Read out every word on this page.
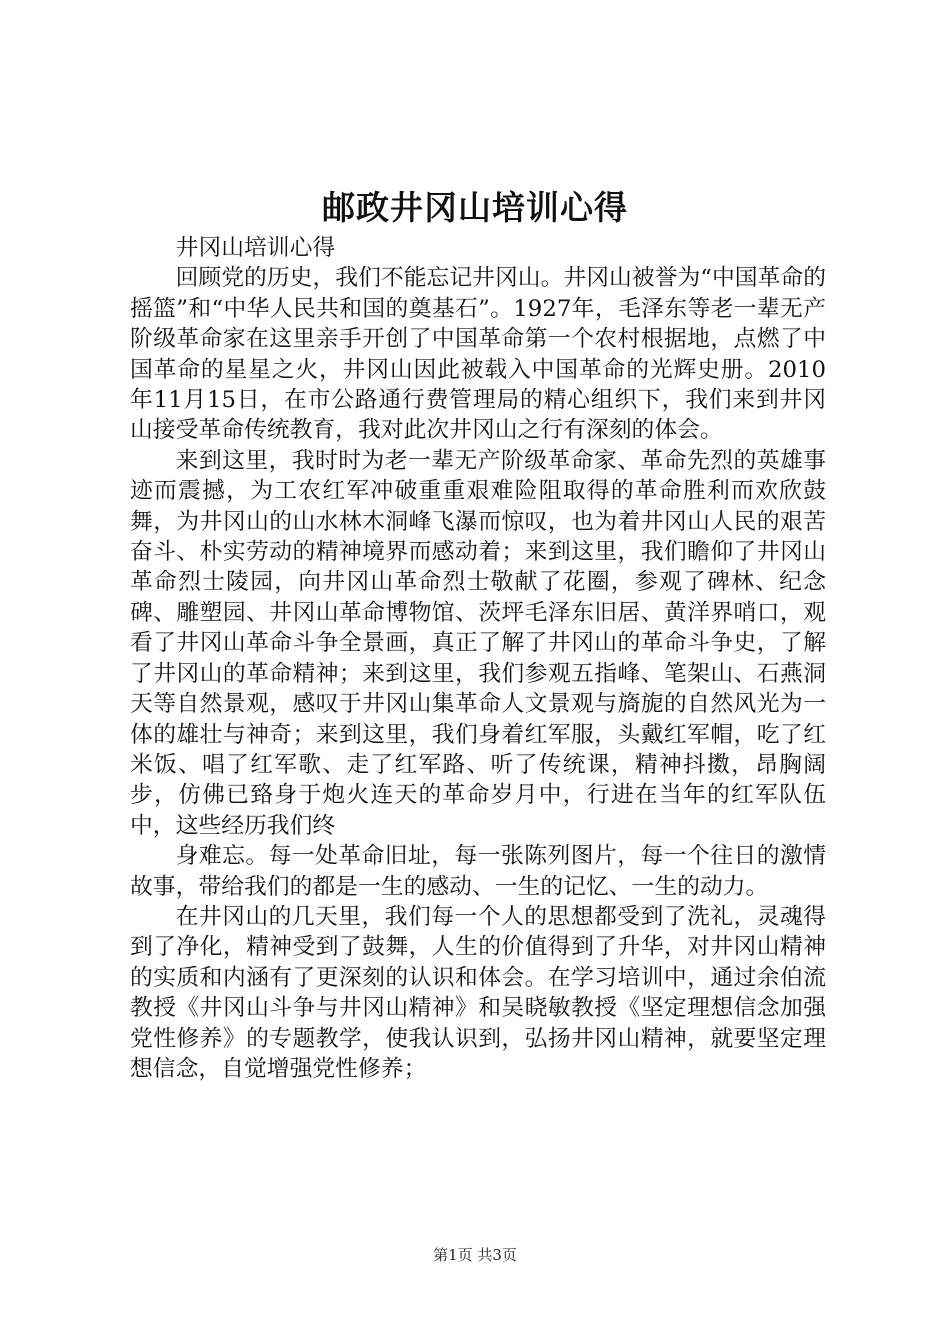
邮政井冈山培训心得

井冈山培训心得

回顾党的历史，我们不能忘记井冈山。井冈山被誉为“中国革命的摇篮”和“中华人民共和国的奠基石”。1927年，毛泽东等老一辈无产阶级革命家在这里亲手开创了中国革命第一个农村根据地，点燃了中国革命的星星之火，井冈山因此被载入中国革命的光辉史册。2010年11月15日，在市公路通行费管理局的精心组织下，我们来到井冈山接受革命传统教育，我对此次井冈山之行有深刻的体会。

来到这里，我时时为老一辈无产阶级革命家、革命先烈的英雄事迹而震撼，为工农红军冲破重重艰难险阻取得的革命胜利而欢欣鼓舞，为井冈山的山水林木洞峰飞瀑而惊叹，也为着井冈山人民的艰苦奋斗、朴实劳动的精神境界而感动着；来到这里，我们瞻仰了井冈山革命烈士陵园，向井冈山革命烈士敬献了花圈，参观了碑林、纪念碑、雕塑园、井冈山革命博物馆、茨坪毛泽东旧居、黄洋界哨口，观看了井冈山革命斗争全景画，真正了解了井冈山的革命斗争史，了解了井冈山的革命精神；来到这里，我们参观五指峰、笔架山、石燕洞天等自然景观，感叹于井冈山集革命人文景观与旖旎的自然风光为一体的雄壮与神奇；来到这里，我们身着红军服，头戴红军帽，吃了红米饭、唱了红军歌、走了红军路、听了传统课，精神抖擞，昂胸阔步，仿佛已臵身于炮火连天的革命岁月中，行进在当年的红军队伍中，这些经历我们终

身难忘。每一处革命旧址，每一张陈列图片，每一个往日的激情故事，带给我们的都是一生的感动、一生的记忆、一生的动力。

在井冈山的几天里，我们每一个人的思想都受到了洗礼，灵魂得到了净化，精神受到了鼓舞，人生的价值得到了升华，对井冈山精神的实质和内涵有了更深刻的认识和体会。在学习培训中，通过余伯流教授《井冈山斗争与井冈山精神》和吴晓敏教授《坚定理想信念加强党性修养》的专题教学，使我认识到，弘扬井冈山精神，就要坚定理想信念，自觉增强党性修养；

第1页 共3页
